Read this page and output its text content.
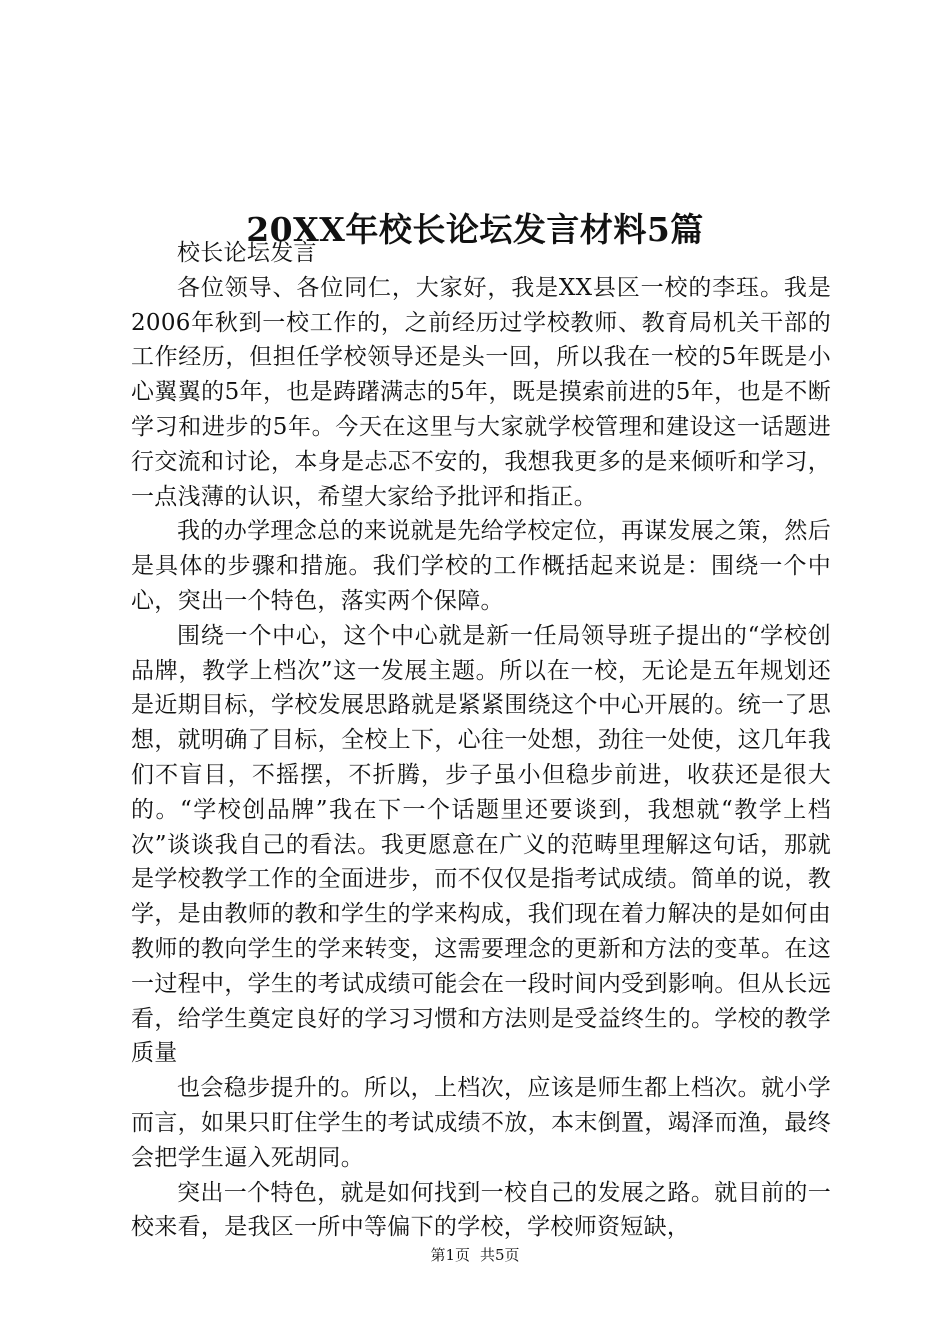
20XX年校长论坛发言材料5篇

校长论坛发言

各位领导、各位同仁，大家好，我是XX县区一校的李珏。我是2006年秋到一校工作的，之前经历过学校教师、教育局机关干部的工作经历，但担任学校领导还是头一回，所以我在一校的5年既是小心翼翼的5年，也是踌躇满志的5年，既是摸索前进的5年，也是不断学习和进步的5年。今天在这里与大家就学校管理和建设这一话题进行交流和讨论，本身是忐忑不安的，我想我更多的是来倾听和学习，一点浅薄的认识，希望大家给予批评和指正。

我的办学理念总的来说就是先给学校定位，再谋发展之策，然后是具体的步骤和措施。我们学校的工作概括起来说是：围绕一个中心，突出一个特色，落实两个保障。

围绕一个中心，这个中心就是新一任局领导班子提出的“学校创品牌，教学上档次”这一发展主题。所以在一校，无论是五年规划还是近期目标，学校发展思路就是紧紧围绕这个中心开展的。统一了思想，就明确了目标，全校上下，心往一处想，劲往一处使，这几年我们不盲目，不摇摆，不折腾，步子虽小但稳步前进，收获还是很大的。“学校创品牌”我在下一个话题里还要谈到，我想就“教学上档次”谈谈我自己的看法。我更愿意在广义的范畴里理解这句话，那就是学校教学工作的全面进步，而不仅仅是指考试成绩。简单的说，教学，是由教师的教和学生的学来构成，我们现在着力解决的是如何由教师的教向学生的学来转变，这需要理念的更新和方法的变革。在这一过程中，学生的考试成绩可能会在一段时间内受到影响。但从长远看，给学生奠定良好的学习习惯和方法则是受益终生的。学校的教学质量

也会稳步提升的。所以，上档次，应该是师生都上档次。就小学而言，如果只盯住学生的考试成绩不放，本末倒置，竭泽而渔，最终会把学生逼入死胡同。

突出一个特色，就是如何找到一校自己的发展之路。就目前的一校来看，是我区一所中等偏下的学校，学校师资短缺，

第1页 共5页
